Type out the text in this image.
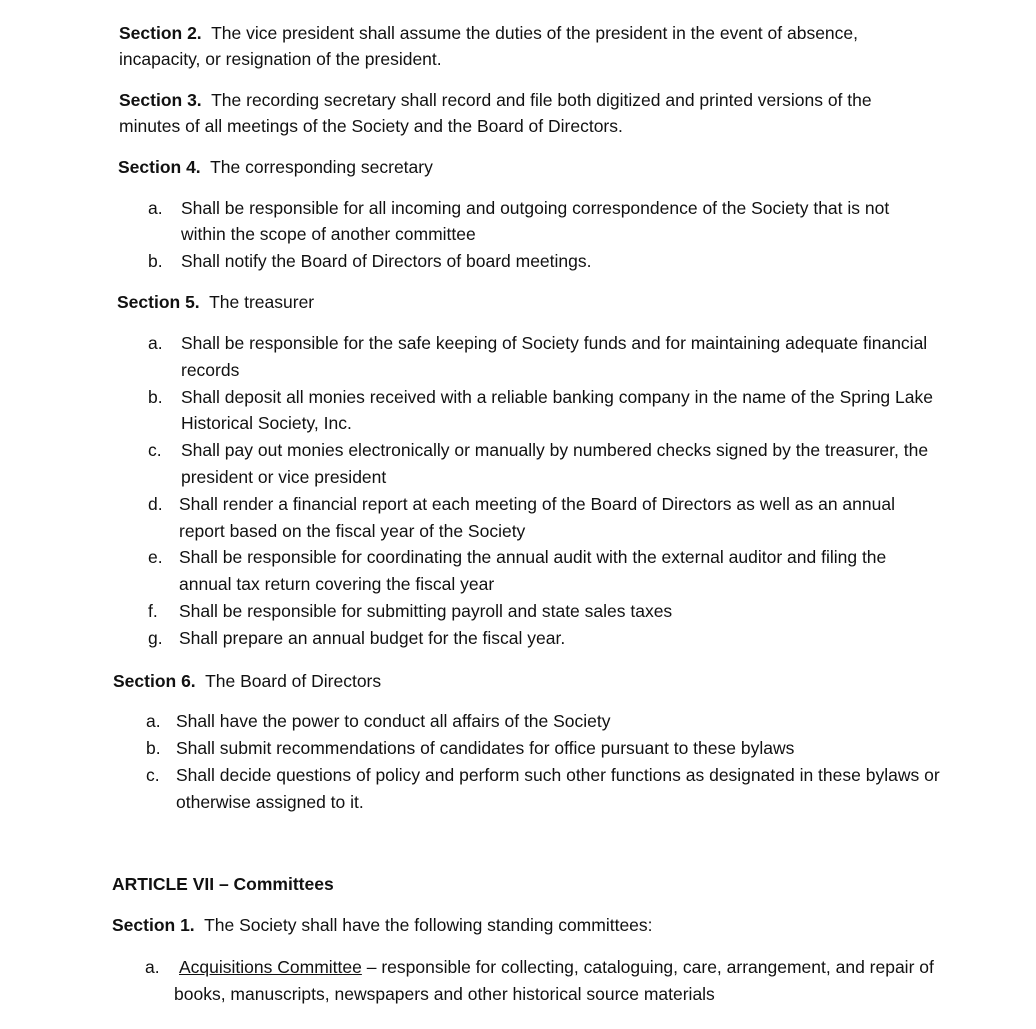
Section 2. The vice president shall assume the duties of the president in the event of absence, incapacity, or resignation of the president.

Section 3. The recording secretary shall record and file both digitized and printed versions of the minutes of all meetings of the Society and the Board of Directors.

Section 4. The corresponding secretary

a. Shall be responsible for all incoming and outgoing correspondence of the Society that is not within the scope of another committee
b. Shall notify the Board of Directors of board meetings.

Section 5. The treasurer

a. Shall be responsible for the safe keeping of Society funds and for maintaining adequate financial records
b. Shall deposit all monies received with a reliable banking company in the name of the Spring Lake Historical Society, Inc.
c. Shall pay out monies electronically or manually by numbered checks signed by the treasurer, the president or vice president
d. Shall render a financial report at each meeting of the Board of Directors as well as an annual report based on the fiscal year of the Society
e. Shall be responsible for coordinating the annual audit with the external auditor and filing the annual tax return covering the fiscal year
f. Shall be responsible for submitting payroll and state sales taxes
g. Shall prepare an annual budget for the fiscal year.

Section 6. The Board of Directors

a. Shall have the power to conduct all affairs of the Society
b. Shall submit recommendations of candidates for office pursuant to these bylaws
c. Shall decide questions of policy and perform such other functions as designated in these bylaws or otherwise assigned to it.

ARTICLE VII – Committees

Section 1. The Society shall have the following standing committees:

a. Acquisitions Committee – responsible for collecting, cataloguing, care, arrangement, and repair of books, manuscripts, newspapers and other historical source materials
